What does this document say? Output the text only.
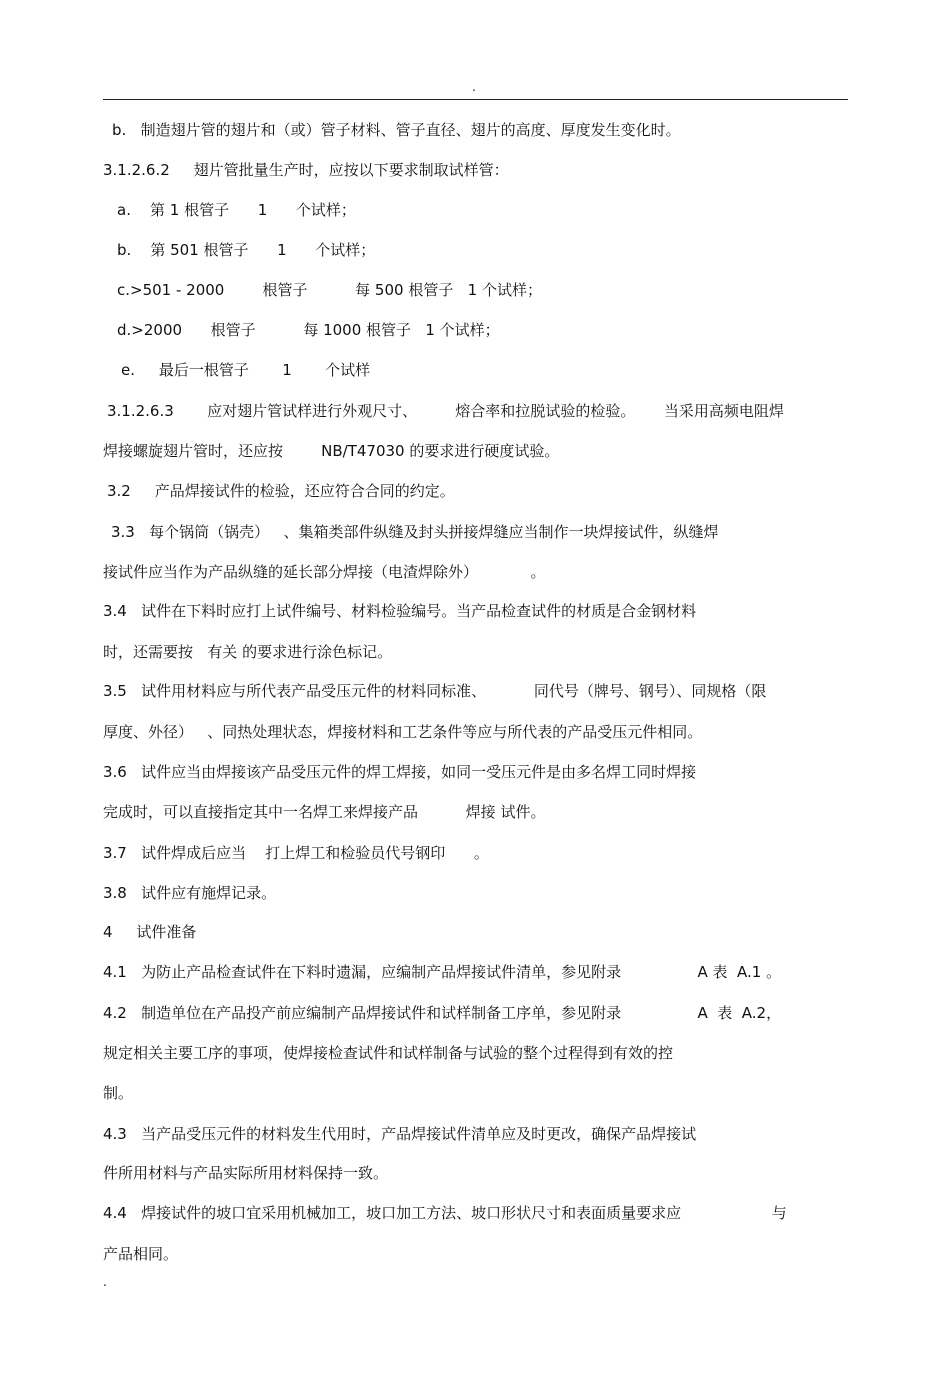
.
b.   制造翅片管的翅片和（或）管子材料、管子直径、翅片的高度、厚度发生变化时。
3.1.2.6.2     翅片管批量生产时，应按以下要求制取试样管：
a.    第 1 根管子      1      个试样；
b.    第 501 根管子      1      个试样；
c.>501 - 2000        根管子          每 500 根管子   1 个试样；
d.>2000      根管子          每 1000 根管子   1 个试样；
e.     最后一根管子       1       个试样
3.1.2.6.3       应对翅片管试样进行外观尺寸、        熔合率和拉脱试验的检验。      当采用高频电阻焊
焊接螺旋翅片管时，还应按        NB/T47030 的要求进行硬度试验。
3.2     产品焊接试件的检验，还应符合合同的约定。
3.3   每个锅筒（锅壳）   、集箱类部件纵缝及封头拼接焊缝应当制作一块焊接试件，纵缝焊
接试件应当作为产品纵缝的延长部分焊接（电渣焊除外）           。
3.4   试件在下料时应打上试件编号、材料检验编号。当产品检查试件的材质是合金钢材料
时，还需要按   有关 的要求进行涂色标记。
3.5   试件用材料应与所代表产品受压元件的材料同标准、          同代号（牌号、钢号）、同规格（限
厚度、外径）   、同热处理状态，焊接材料和工艺条件等应与所代表的产品受压元件相同。
3.6   试件应当由焊接该产品受压元件的焊工焊接，如同一受压元件是由多名焊工同时焊接
完成时，可以直接指定其中一名焊工来焊接产品          焊接 试件。
3.7   试件焊成后应当    打上焊工和检验员代号钢印      。
3.8   试件应有施焊记录。
4     试件准备
4.1   为防止产品检查试件在下料时遗漏，应编制产品焊接试件清单，参见附录                A 表  A.1 。
4.2   制造单位在产品投产前应编制产品焊接试件和试样制备工序单，参见附录                A  表  A.2，
规定相关主要工序的事项，使焊接检查试件和试样制备与试验的整个过程得到有效的控
制。
4.3   当产品受压元件的材料发生代用时，产品焊接试件清单应及时更改，确保产品焊接试
件所用材料与产品实际所用材料保持一致。
4.4   焊接试件的坡口宜采用机械加工，坡口加工方法、坡口形状尺寸和表面质量要求应                   与
产品相同。
.
